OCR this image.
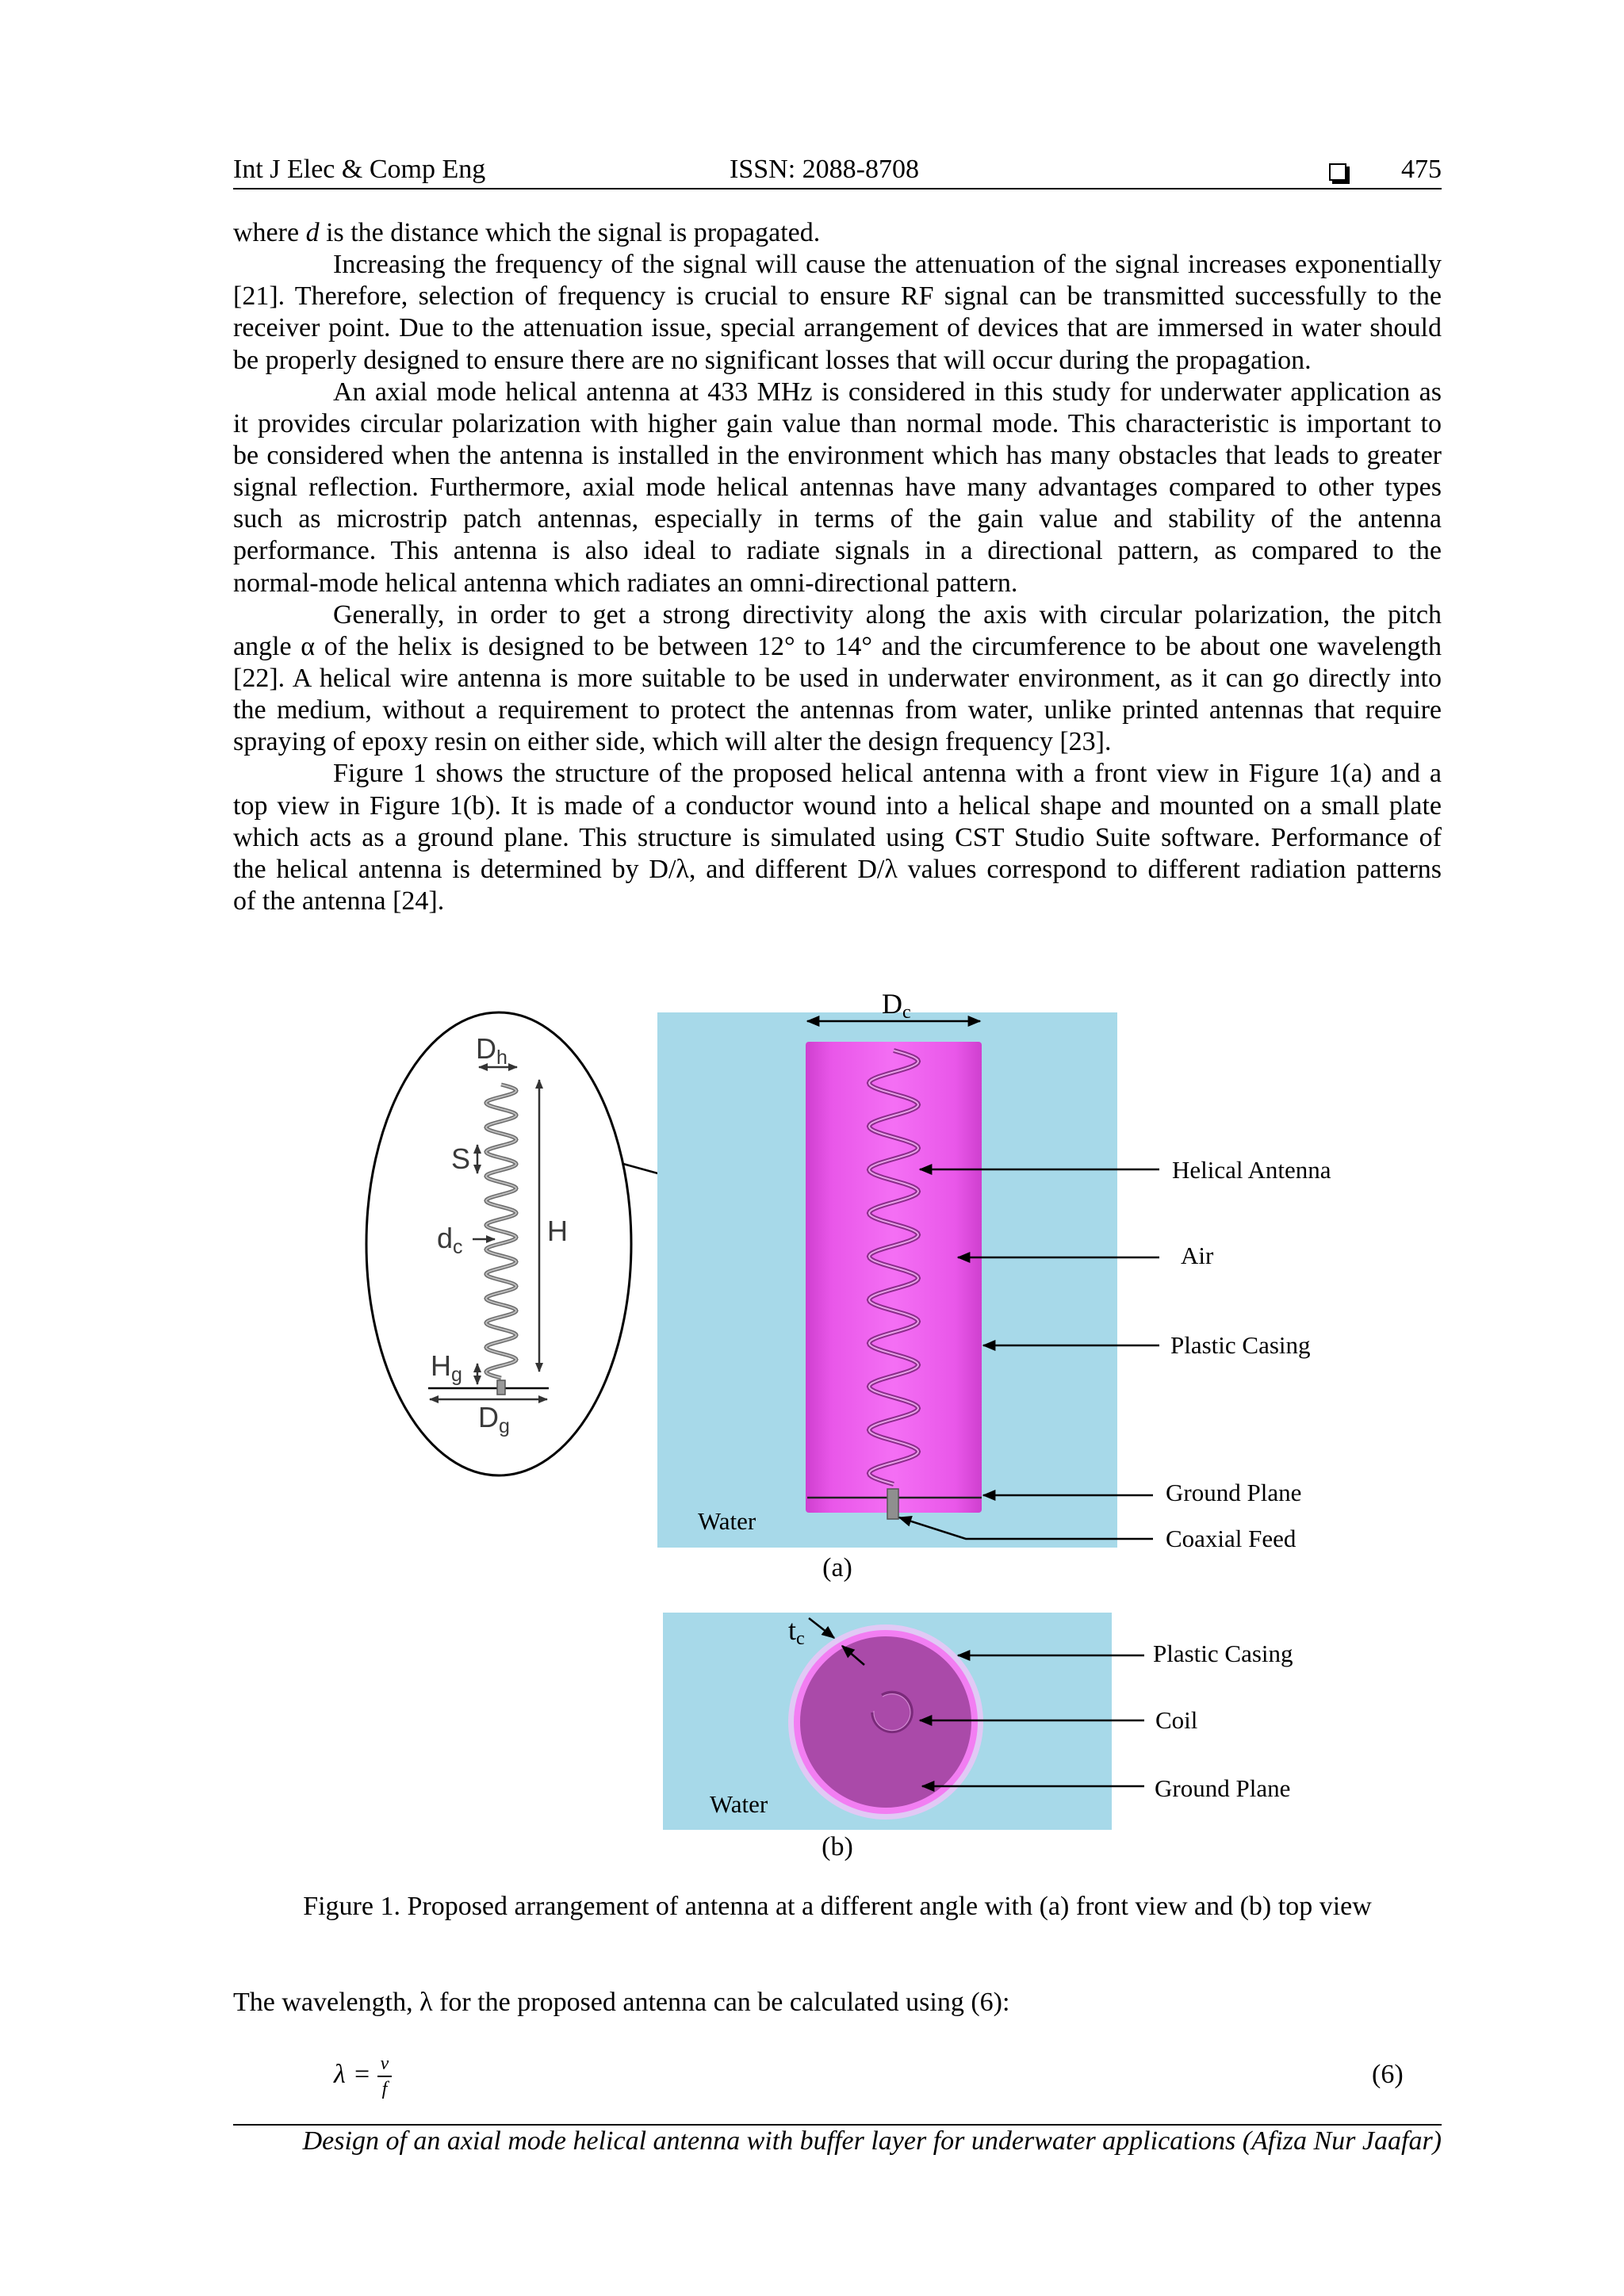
Int J Elec & Comp Eng	ISSN: 2088-8708	475
where d is the distance which the signal is propagated.
Increasing the frequency of the signal will cause the attenuation of the signal increases exponentially
[21]. Therefore, selection of frequency is crucial to ensure RF signal can be transmitted successfully to the
receiver point. Due to the attenuation issue, special arrangement of devices that are immersed in water should
be properly designed to ensure there are no significant losses that will occur during the propagation.
An axial mode helical antenna at 433 MHz is considered in this study for underwater application as
it provides circular polarization with higher gain value than normal mode. This characteristic is important to
be considered when the antenna is installed in the environment which has many obstacles that leads to greater
signal reflection. Furthermore, axial mode helical antennas have many advantages compared to other types
such as microstrip patch antennas, especially in terms of the gain value and stability of the antenna
performance. This antenna is also ideal to radiate signals in a directional pattern, as compared to the
normal-mode helical antenna which radiates an omni-directional pattern.
Generally, in order to get a strong directivity along the axis with circular polarization, the pitch
angle α of the helix is designed to be between 12° to 14° and the circumference to be about one wavelength
[22]. A helical wire antenna is more suitable to be used in underwater environment, as it can go directly into
the medium, without a requirement to protect the antennas from water, unlike printed antennas that require
spraying of epoxy resin on either side, which will alter the design frequency [23].
Figure 1 shows the structure of the proposed helical antenna with a front view in Figure 1(a) and a
top view in Figure 1(b). It is made of a conductor wound into a helical shape and mounted on a small plate
which acts as a ground plane. This structure is simulated using CST Studio Suite software. Performance of
the helical antenna is determined by D/λ, and different D/λ values correspond to different radiation patterns
of the antenna [24].
Dh
S
dc	H
Hg
Dg
Dc
Helical Antenna
Air
Plastic Casing
Ground Plane
Coaxial Feed
Water
(a)
tc
Plastic Casing
Coil
Ground Plane
Water
(b)
Figure 1. Proposed arrangement of antenna at a different angle with (a) front view and (b) top view
The wavelength, λ for the proposed antenna can be calculated using (6):
λ = v
f	(6)
Design of an axial mode helical antenna with buffer layer for underwater applications (Afiza Nur Jaafar)
